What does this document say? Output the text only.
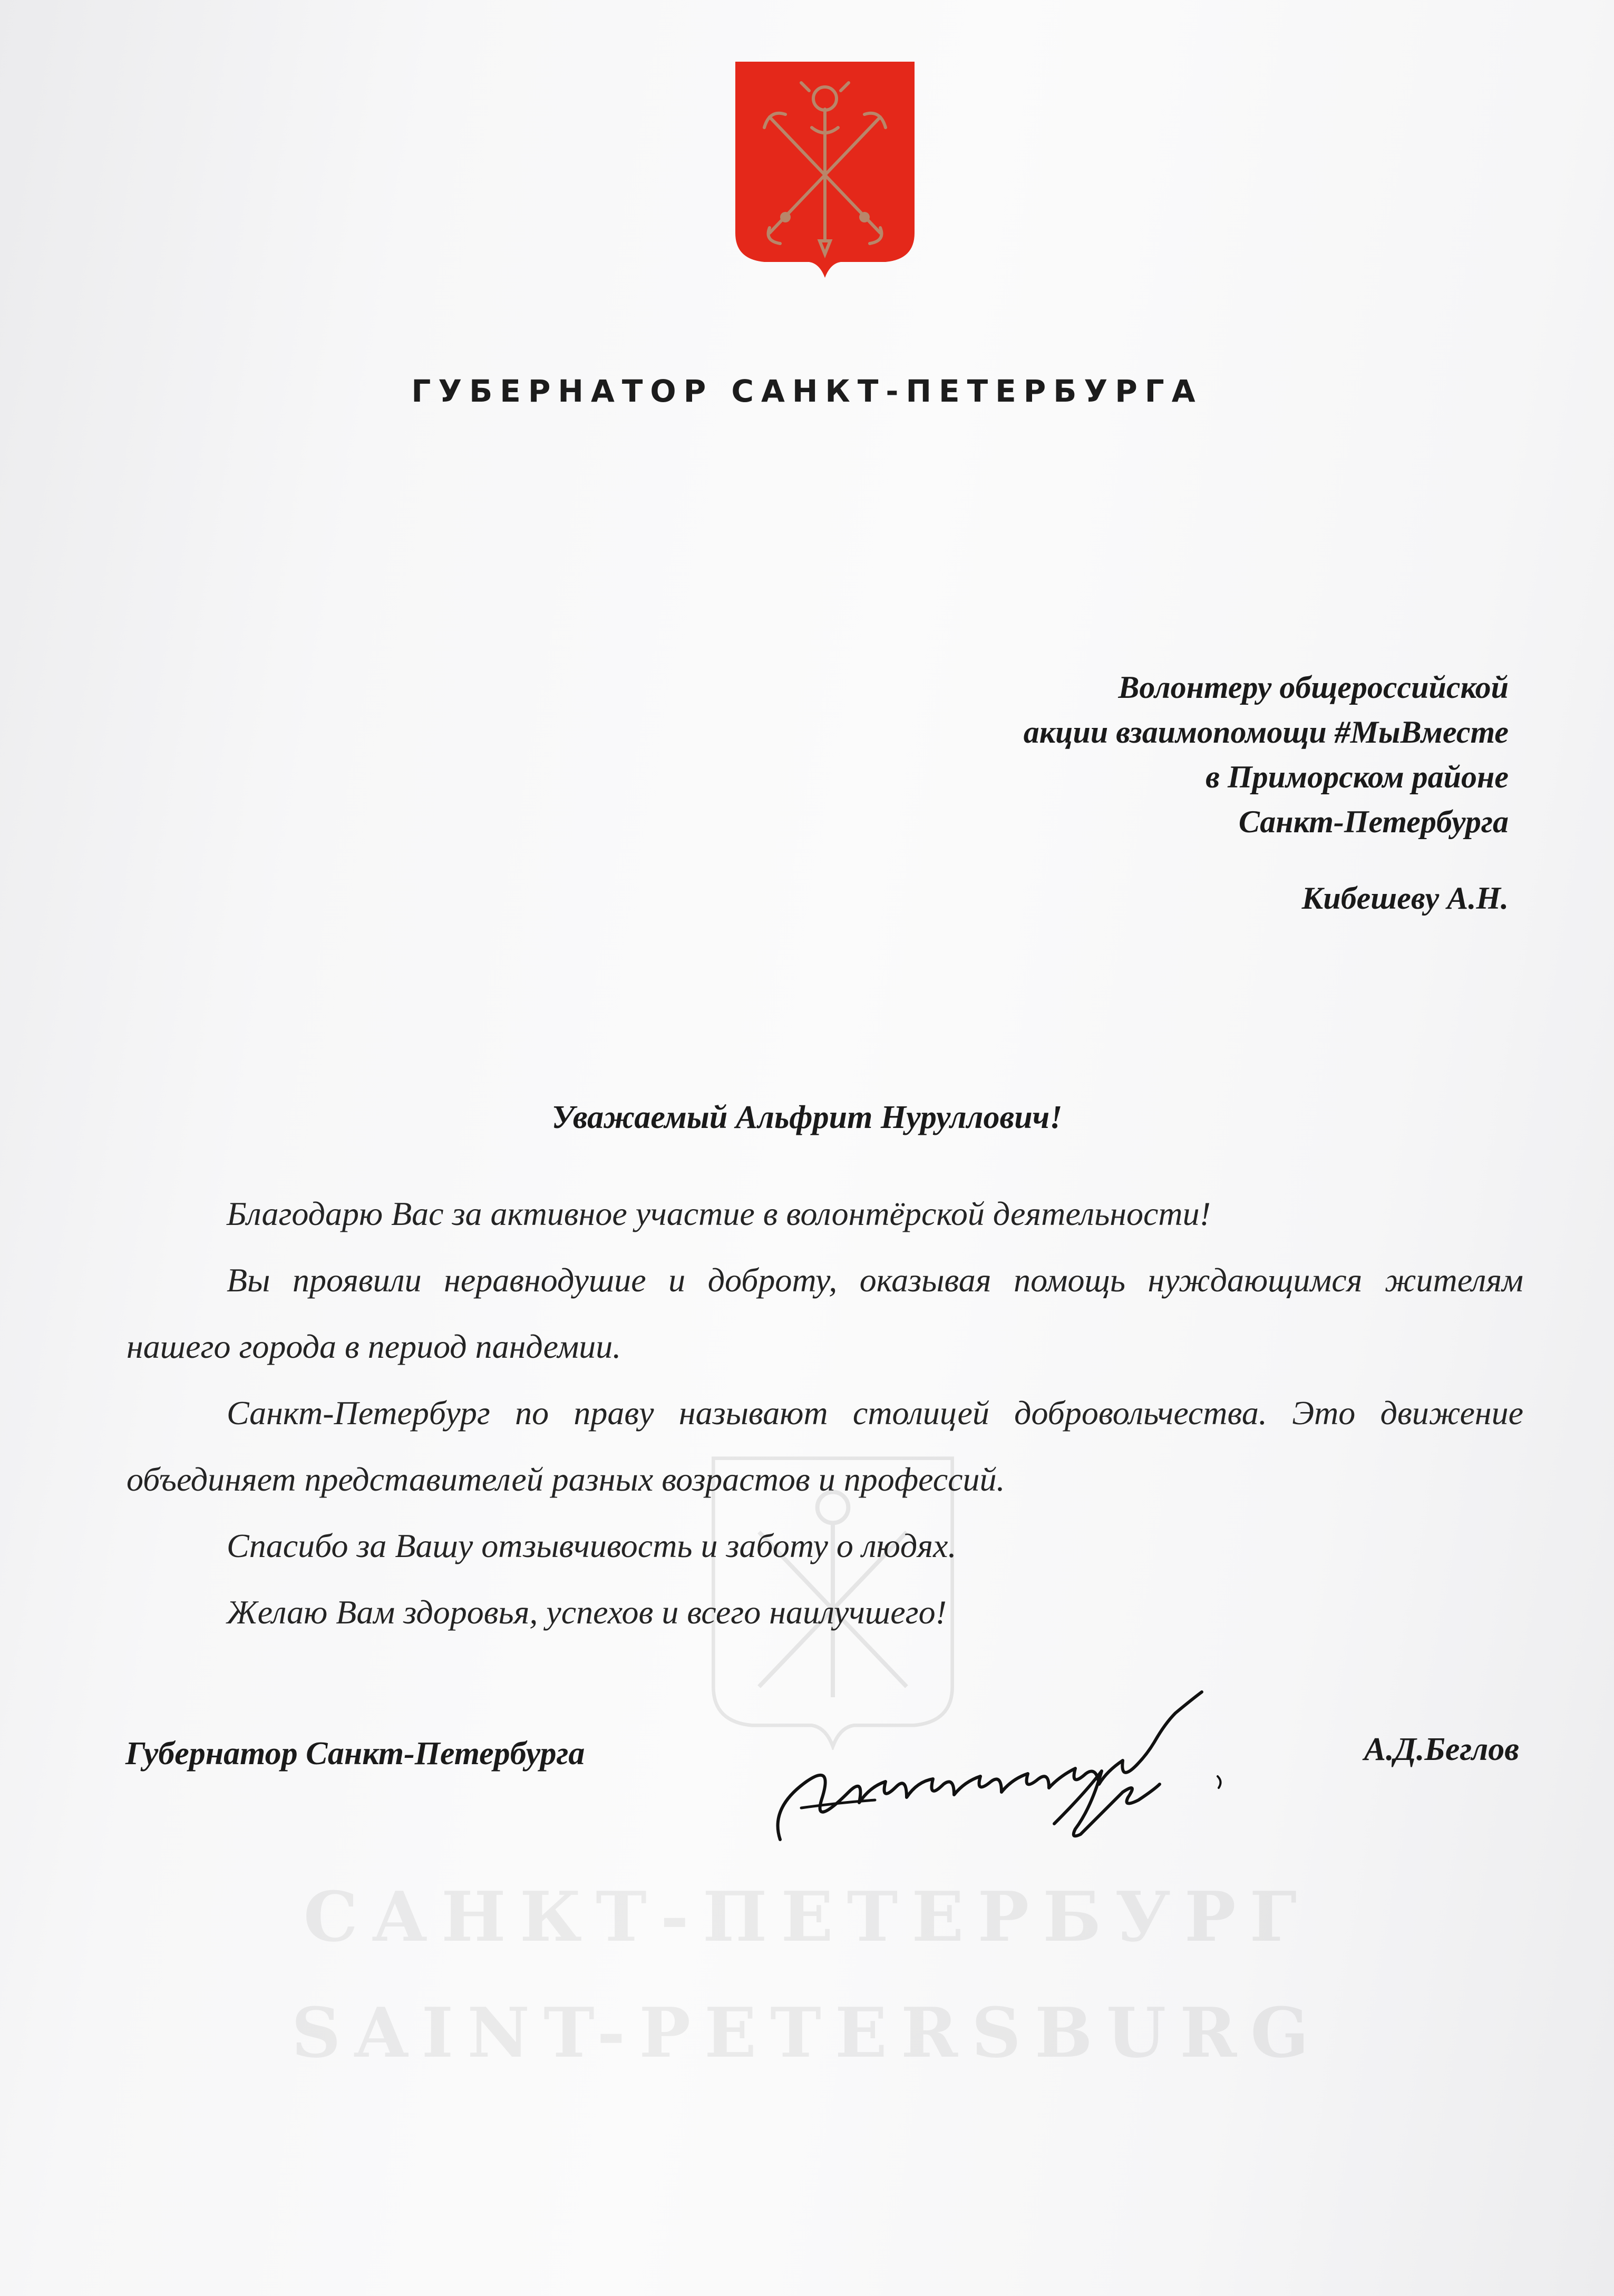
ГУБЕРНАТОР САНКТ-ПЕТЕРБУРГА
Волонтеру общероссийской
акции взаимопомощи #МыВместе
в Приморском районе
Санкт-Петербурга
Кибешеву А.Н.
Уважаемый Альфрит Нуруллович!

Благодарю Вас за активное участие в волонтёрской деятельности!

Вы проявили неравнодушие и доброту, оказывая помощь нуждающимся жителям нашего города в период пандемии.

Санкт-Петербург по праву называют столицей добровольчества. Это движение объединяет представителей разных возрастов и профессий.

Спасибо за Вашу отзывчивость и заботу о людях.

Желаю Вам здоровья, успехов и всего наилучшего!

Губернатор Санкт-Петербурга	А.Д.Беглов
САНКТ-ПЕТЕРБУРГ
SAINT-PETERSBURG
